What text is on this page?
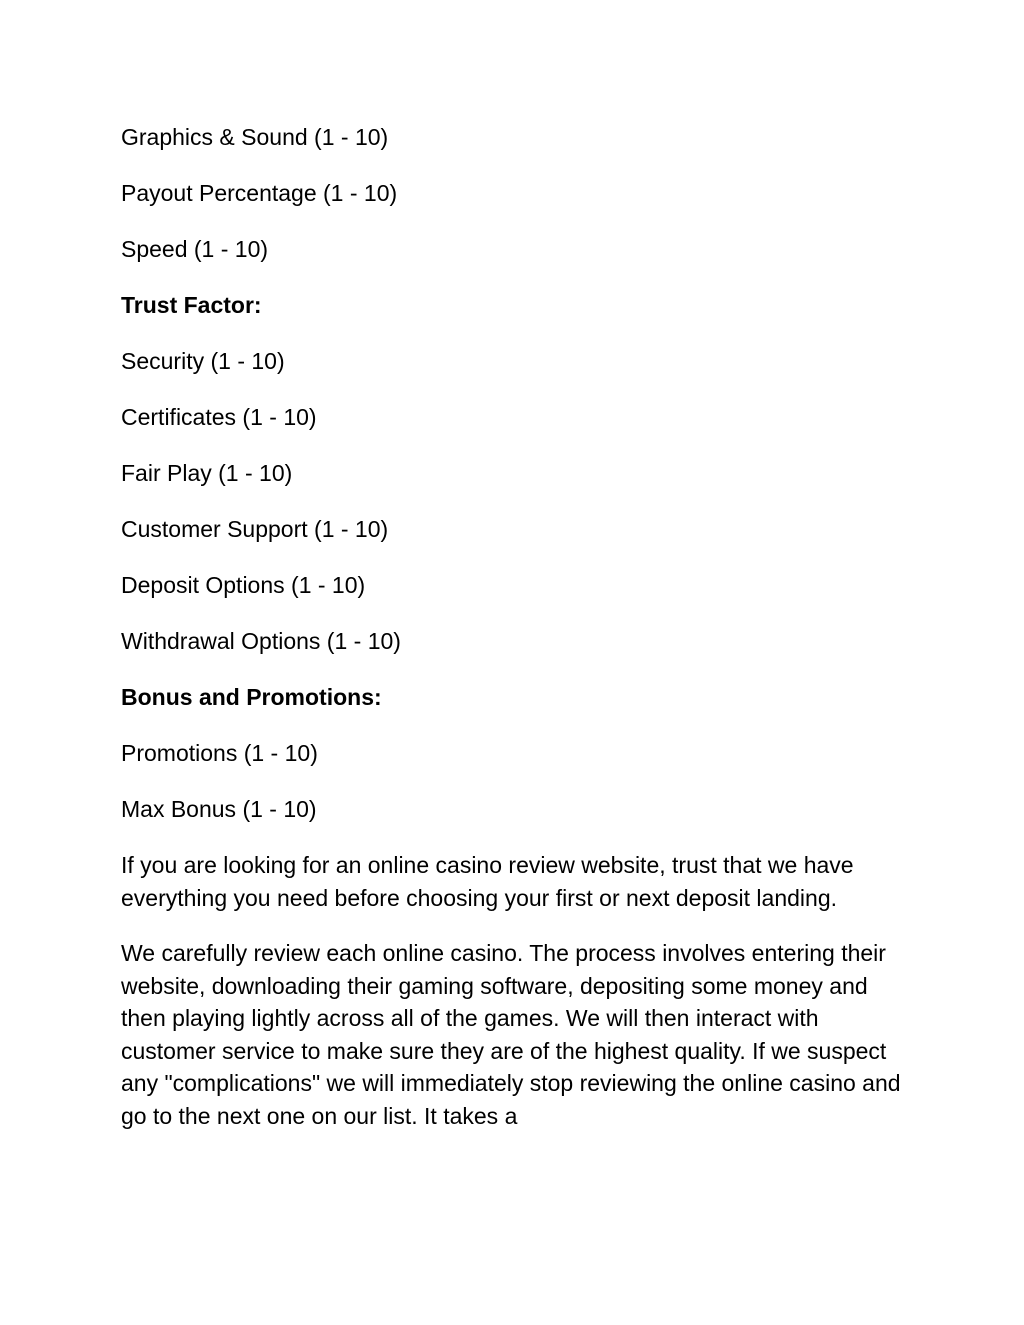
Graphics & Sound (1 - 10)
Payout Percentage (1 - 10)
Speed (1 - 10)
Trust Factor:
Security (1 - 10)
Certificates (1 - 10)
Fair Play (1 - 10)
Customer Support (1 - 10)
Deposit Options (1 - 10)
Withdrawal Options (1 - 10)
Bonus and Promotions:
Promotions (1 - 10)
Max Bonus (1 - 10)

If you are looking for an online casino review website, trust that we have everything you need before choosing your first or next deposit landing.

We carefully review each online casino. The process involves entering their website, downloading their gaming software, depositing some money and then playing lightly across all of the games. We will then interact with customer service to make sure they are of the highest quality. If we suspect any "complications" we will immediately stop reviewing the online casino and go to the next one on our list. It takes a
